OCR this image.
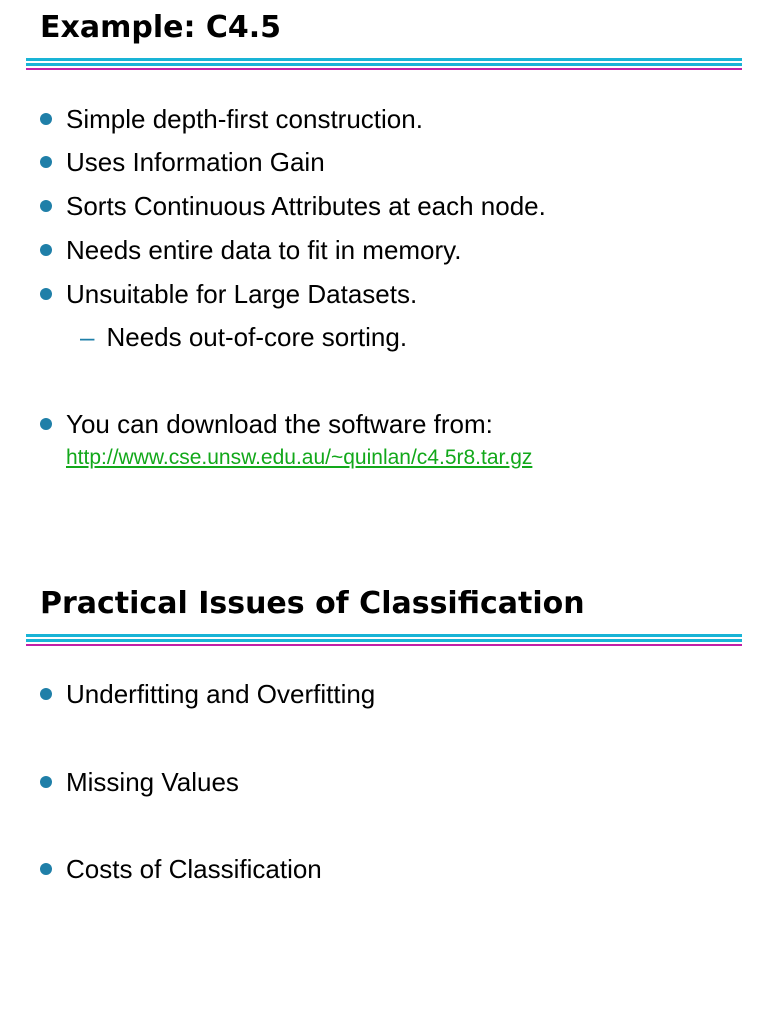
Example: C4.5
Simple depth-first construction.
Uses Information Gain
Sorts Continuous Attributes at each node.
Needs entire data to fit in memory.
Unsuitable for Large Datasets.
– Needs out-of-core sorting.
You can download the software from:
http://www.cse.unsw.edu.au/~quinlan/c4.5r8.tar.gz
Practical Issues of Classification
Underfitting and Overfitting
Missing Values
Costs of Classification
